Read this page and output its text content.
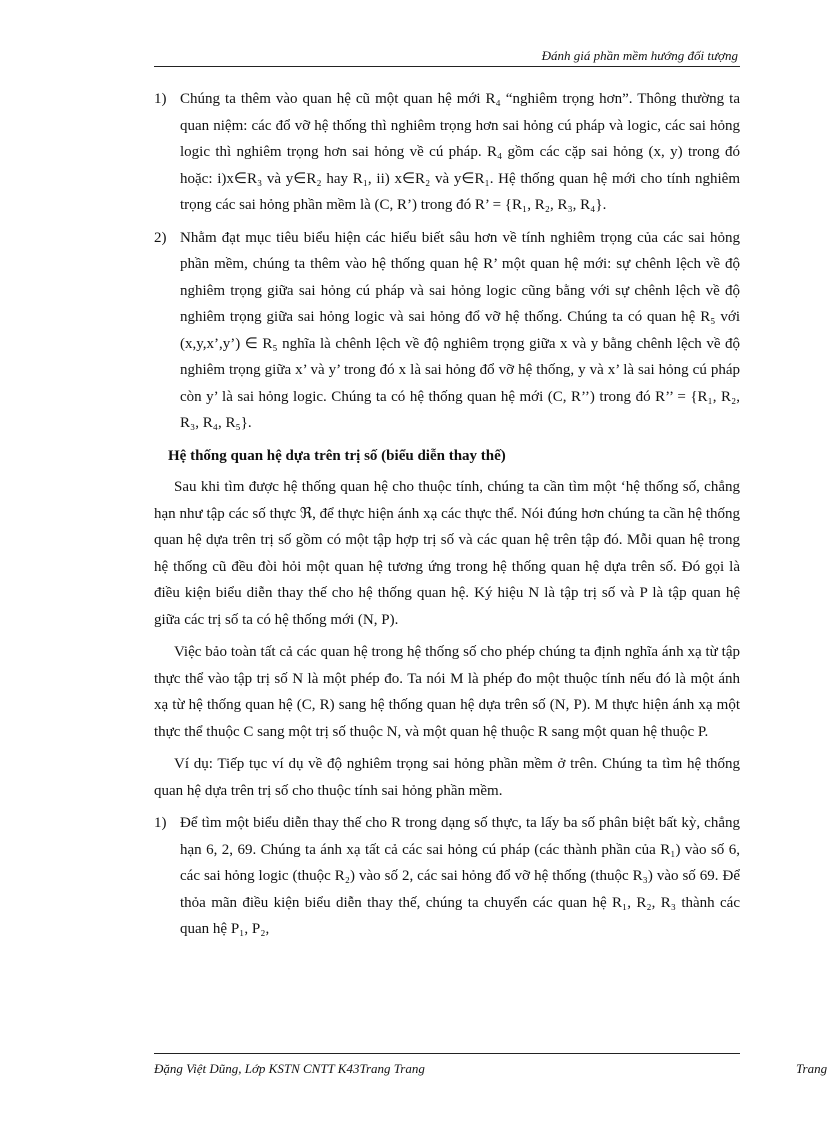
Đánh giá phần mềm hướng đối tượng

1) Chúng ta thêm vào quan hệ cũ một quan hệ mới R₄ “nghiêm trọng hơn”. Thông thường ta quan niệm: các đổ vỡ hệ thống thì nghiêm trọng hơn sai hỏng cú pháp và logic, các sai hỏng logic thì nghiêm trọng hơn sai hỏng về cú pháp. R₄ gồm các cặp sai hỏng (x, y) trong đó hoặc: i)x∈R₃ và y∈R₂ hay R₁, ii) x∈R₂ và y∈R₁. Hệ thống quan hệ mới cho tính nghiêm trọng các sai hỏng phần mềm là (C, R’) trong đó R’ = {R₁, R₂, R₃, R₄}.

2) Nhằm đạt mục tiêu biểu hiện các hiểu biết sâu hơn về tính nghiêm trọng của các sai hỏng phần mềm, chúng ta thêm vào hệ thống quan hệ R’ một quan hệ mới: sự chênh lệch về độ nghiêm trọng giữa sai hỏng cú pháp và sai hỏng logic cũng bằng với sự chênh lệch về độ nghiêm trọng giữa sai hỏng logic và sai hỏng đổ vỡ hệ thống. Chúng ta có quan hệ R₅ với (x,y,x’,y’) ∈ R₅ nghĩa là chênh lệch về độ nghiêm trọng giữa x và y bằng chênh lệch về độ nghiêm trọng giữa x’ và y’ trong đó x là sai hỏng đổ vỡ hệ thống, y và x’ là sai hỏng cú pháp còn y’ là sai hỏng logic. Chúng ta có hệ thống quan hệ mới (C, R’’) trong đó R’’ = {R₁, R₂, R₃, R₄, R₅}.

Hệ thống quan hệ dựa trên trị số (biểu diễn thay thế)

Sau khi tìm được hệ thống quan hệ cho thuộc tính, chúng ta cần tìm một ‘hệ thống số, chẳng hạn như tập các số thực ℜ, để thực hiện ánh xạ các thực thể. Nói đúng hơn chúng ta cần hệ thống quan hệ dựa trên trị số gồm có một tập hợp trị số và các quan hệ trên tập đó. Mỗi quan hệ trong hệ thống cũ đều đòi hỏi một quan hệ tương ứng trong hệ thống quan hệ dựa trên số. Đó gọi là điều kiện biểu diễn thay thế cho hệ thống quan hệ. Ký hiệu N là tập trị số và P là tập quan hệ giữa các trị số ta có hệ thống mới (N, P).

Việc bảo toàn tất cả các quan hệ trong hệ thống số cho phép chúng ta định nghĩa ánh xạ từ tập thực thể vào tập trị số N là một phép đo. Ta nói M là phép đo một thuộc tính nếu đó là một ánh xạ từ hệ thống quan hệ (C, R) sang hệ thống quan hệ dựa trên số (N, P). M thực hiện ánh xạ một thực thể thuộc C sang một trị số thuộc N, và một quan hệ thuộc R sang một quan hệ thuộc P.

Ví dụ: Tiếp tục ví dụ về độ nghiêm trọng sai hỏng phần mềm ở trên. Chúng ta tìm hệ thống quan hệ dựa trên trị số cho thuộc tính sai hỏng phần mềm.

1) Để tìm một biểu diễn thay thế cho R trong dạng số thực, ta lấy ba số phân biệt bất kỳ, chẳng hạn 6, 2, 69. Chúng ta ánh xạ tất cả các sai hỏng cú pháp (các thành phần của R₁) vào số 6, các sai hỏng logic (thuộc R₂) vào số 2, các sai hỏng đổ vỡ hệ thống (thuộc R₃) vào số 69. Để thỏa mãn điều kiện biểu diễn thay thế, chúng ta chuyển các quan hệ R₁, R₂, R₃ thành các quan hệ P₁, P₂,

Đặng Việt Dũng, Lớp KSTN CNTT K43Trang Trang	Trang
